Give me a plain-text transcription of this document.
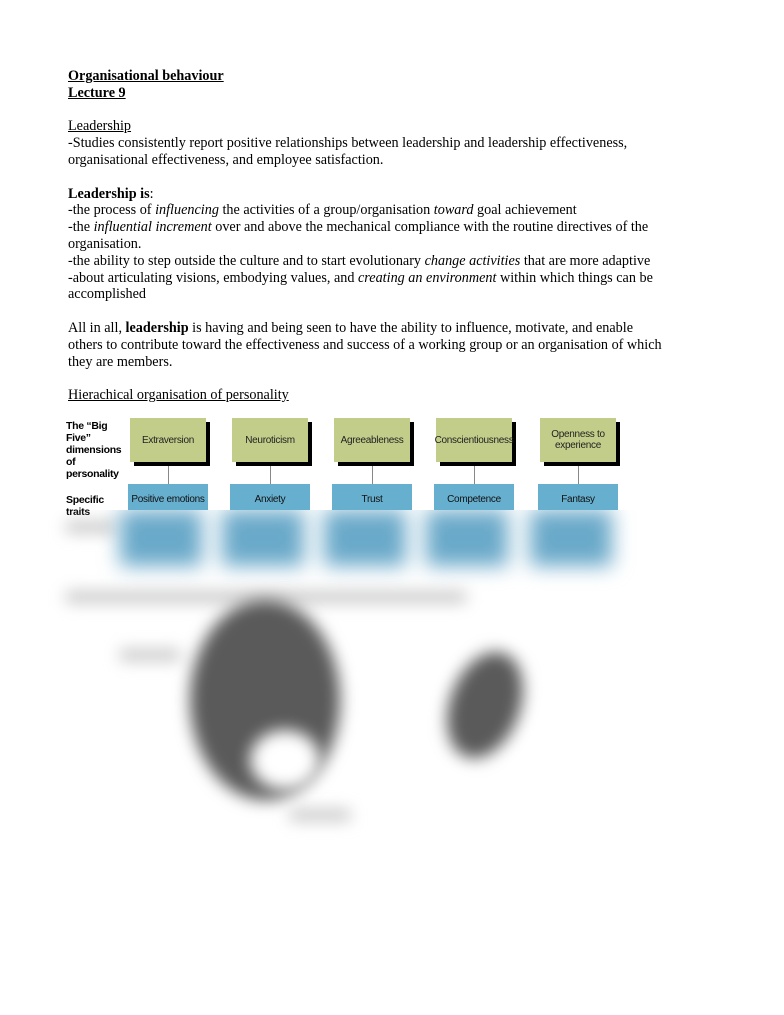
Organisational behaviour
Lecture 9
Leadership
-Studies consistently report positive relationships between leadership and leadership effectiveness, organisational effectiveness, and employee satisfaction.
Leadership is:
-the process of influencing the activities of a group/organisation toward goal achievement
-the influential increment over and above the mechanical compliance with the routine directives of the organisation.
-the ability to step outside the culture and to start evolutionary change activities that are more adaptive
-about articulating visions, embodying values, and creating an environment within which things can be accomplished
All in all, leadership is having and being seen to have the ability to influence, motivate, and enable others to contribute toward the effectiveness and success of a working group or an organisation of which they are members.
Hierachical organisation of personality
The “Big Five” dimensions of personality
Specific traits
Extraversion	Neuroticism	Agreeableness	Conscientiousness	Openness to experience
Positive emotions	Anxiety	Trust	Competence	Fantasy
